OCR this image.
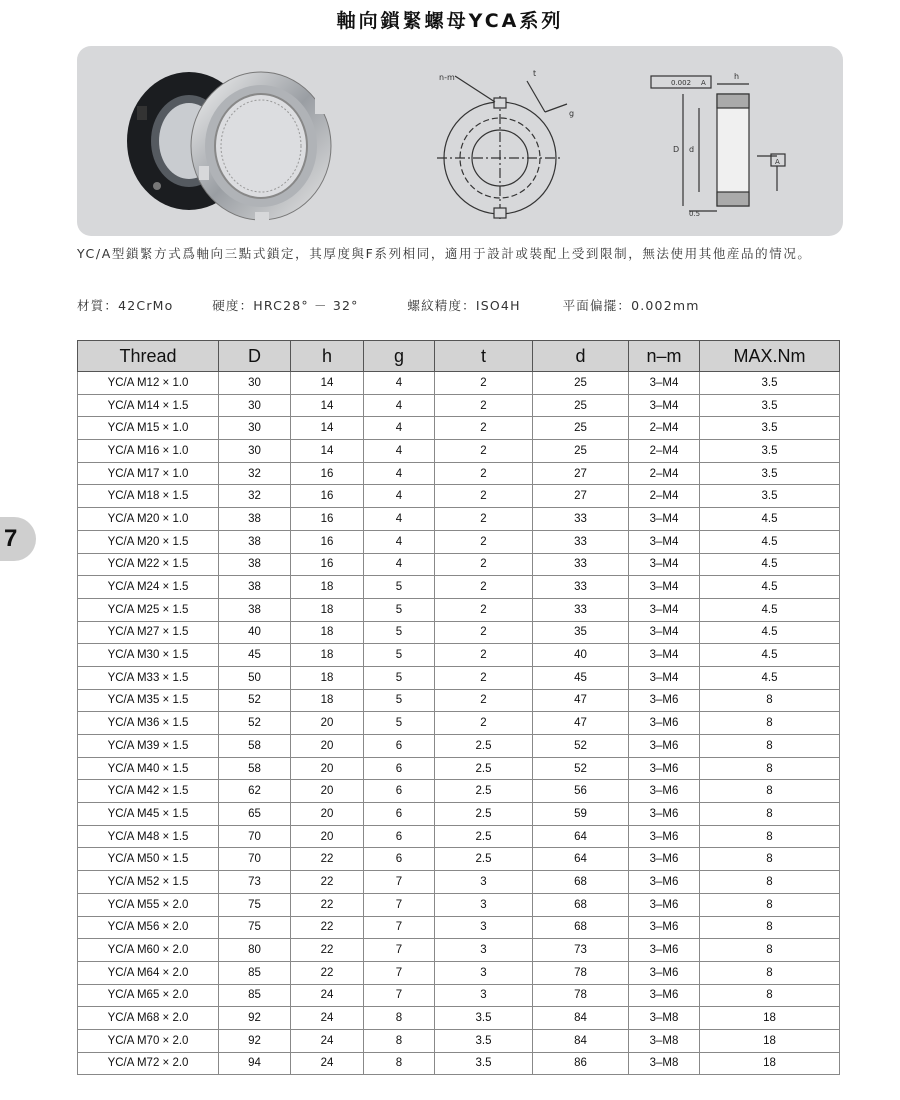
軸向鎖緊螺母YCA系列
n-m	t
g
0.002 A
h
D d
A
0.5
YC/A型鎖緊方式爲軸向三點式鎖定，其厚度與F系列相同，適用于設計或裝配上受到限制，無法使用其他産品的情况。
材質：42CrMo	硬度：HRC28° － 32°	螺紋精度：ISO4H	平面偏擺：0.002mm
7
Thread	D	h	g	t	d	n–m	MAX.Nm
YC/A M12 × 1.0	30	14	4	2	25	3–M4	3.5
YC/A M14 × 1.5	30	14	4	2	25	3–M4	3.5
YC/A M15 × 1.0	30	14	4	2	25	2–M4	3.5
YC/A M16 × 1.0	30	14	4	2	25	2–M4	3.5
YC/A M17 × 1.0	32	16	4	2	27	2–M4	3.5
YC/A M18 × 1.5	32	16	4	2	27	2–M4	3.5
YC/A M20 × 1.0	38	16	4	2	33	3–M4	4.5
YC/A M20 × 1.5	38	16	4	2	33	3–M4	4.5
YC/A M22 × 1.5	38	16	4	2	33	3–M4	4.5
YC/A M24 × 1.5	38	18	5	2	33	3–M4	4.5
YC/A M25 × 1.5	38	18	5	2	33	3–M4	4.5
YC/A M27 × 1.5	40	18	5	2	35	3–M4	4.5
YC/A M30 × 1.5	45	18	5	2	40	3–M4	4.5
YC/A M33 × 1.5	50	18	5	2	45	3–M4	4.5
YC/A M35 × 1.5	52	18	5	2	47	3–M6	8
YC/A M36 × 1.5	52	20	5	2	47	3–M6	8
YC/A M39 × 1.5	58	20	6	2.5	52	3–M6	8
YC/A M40 × 1.5	58	20	6	2.5	52	3–M6	8
YC/A M42 × 1.5	62	20	6	2.5	56	3–M6	8
YC/A M45 × 1.5	65	20	6	2.5	59	3–M6	8
YC/A M48 × 1.5	70	20	6	2.5	64	3–M6	8
YC/A M50 × 1.5	70	22	6	2.5	64	3–M6	8
YC/A M52 × 1.5	73	22	7	3	68	3–M6	8
YC/A M55 × 2.0	75	22	7	3	68	3–M6	8
YC/A M56 × 2.0	75	22	7	3	68	3–M6	8
YC/A M60 × 2.0	80	22	7	3	73	3–M6	8
YC/A M64 × 2.0	85	22	7	3	78	3–M6	8
YC/A M65 × 2.0	85	24	7	3	78	3–M6	8
YC/A M68 × 2.0	92	24	8	3.5	84	3–M8	18
YC/A M70 × 2.0	92	24	8	3.5	84	3–M8	18
YC/A M72 × 2.0	94	24	8	3.5	86	3–M8	18
